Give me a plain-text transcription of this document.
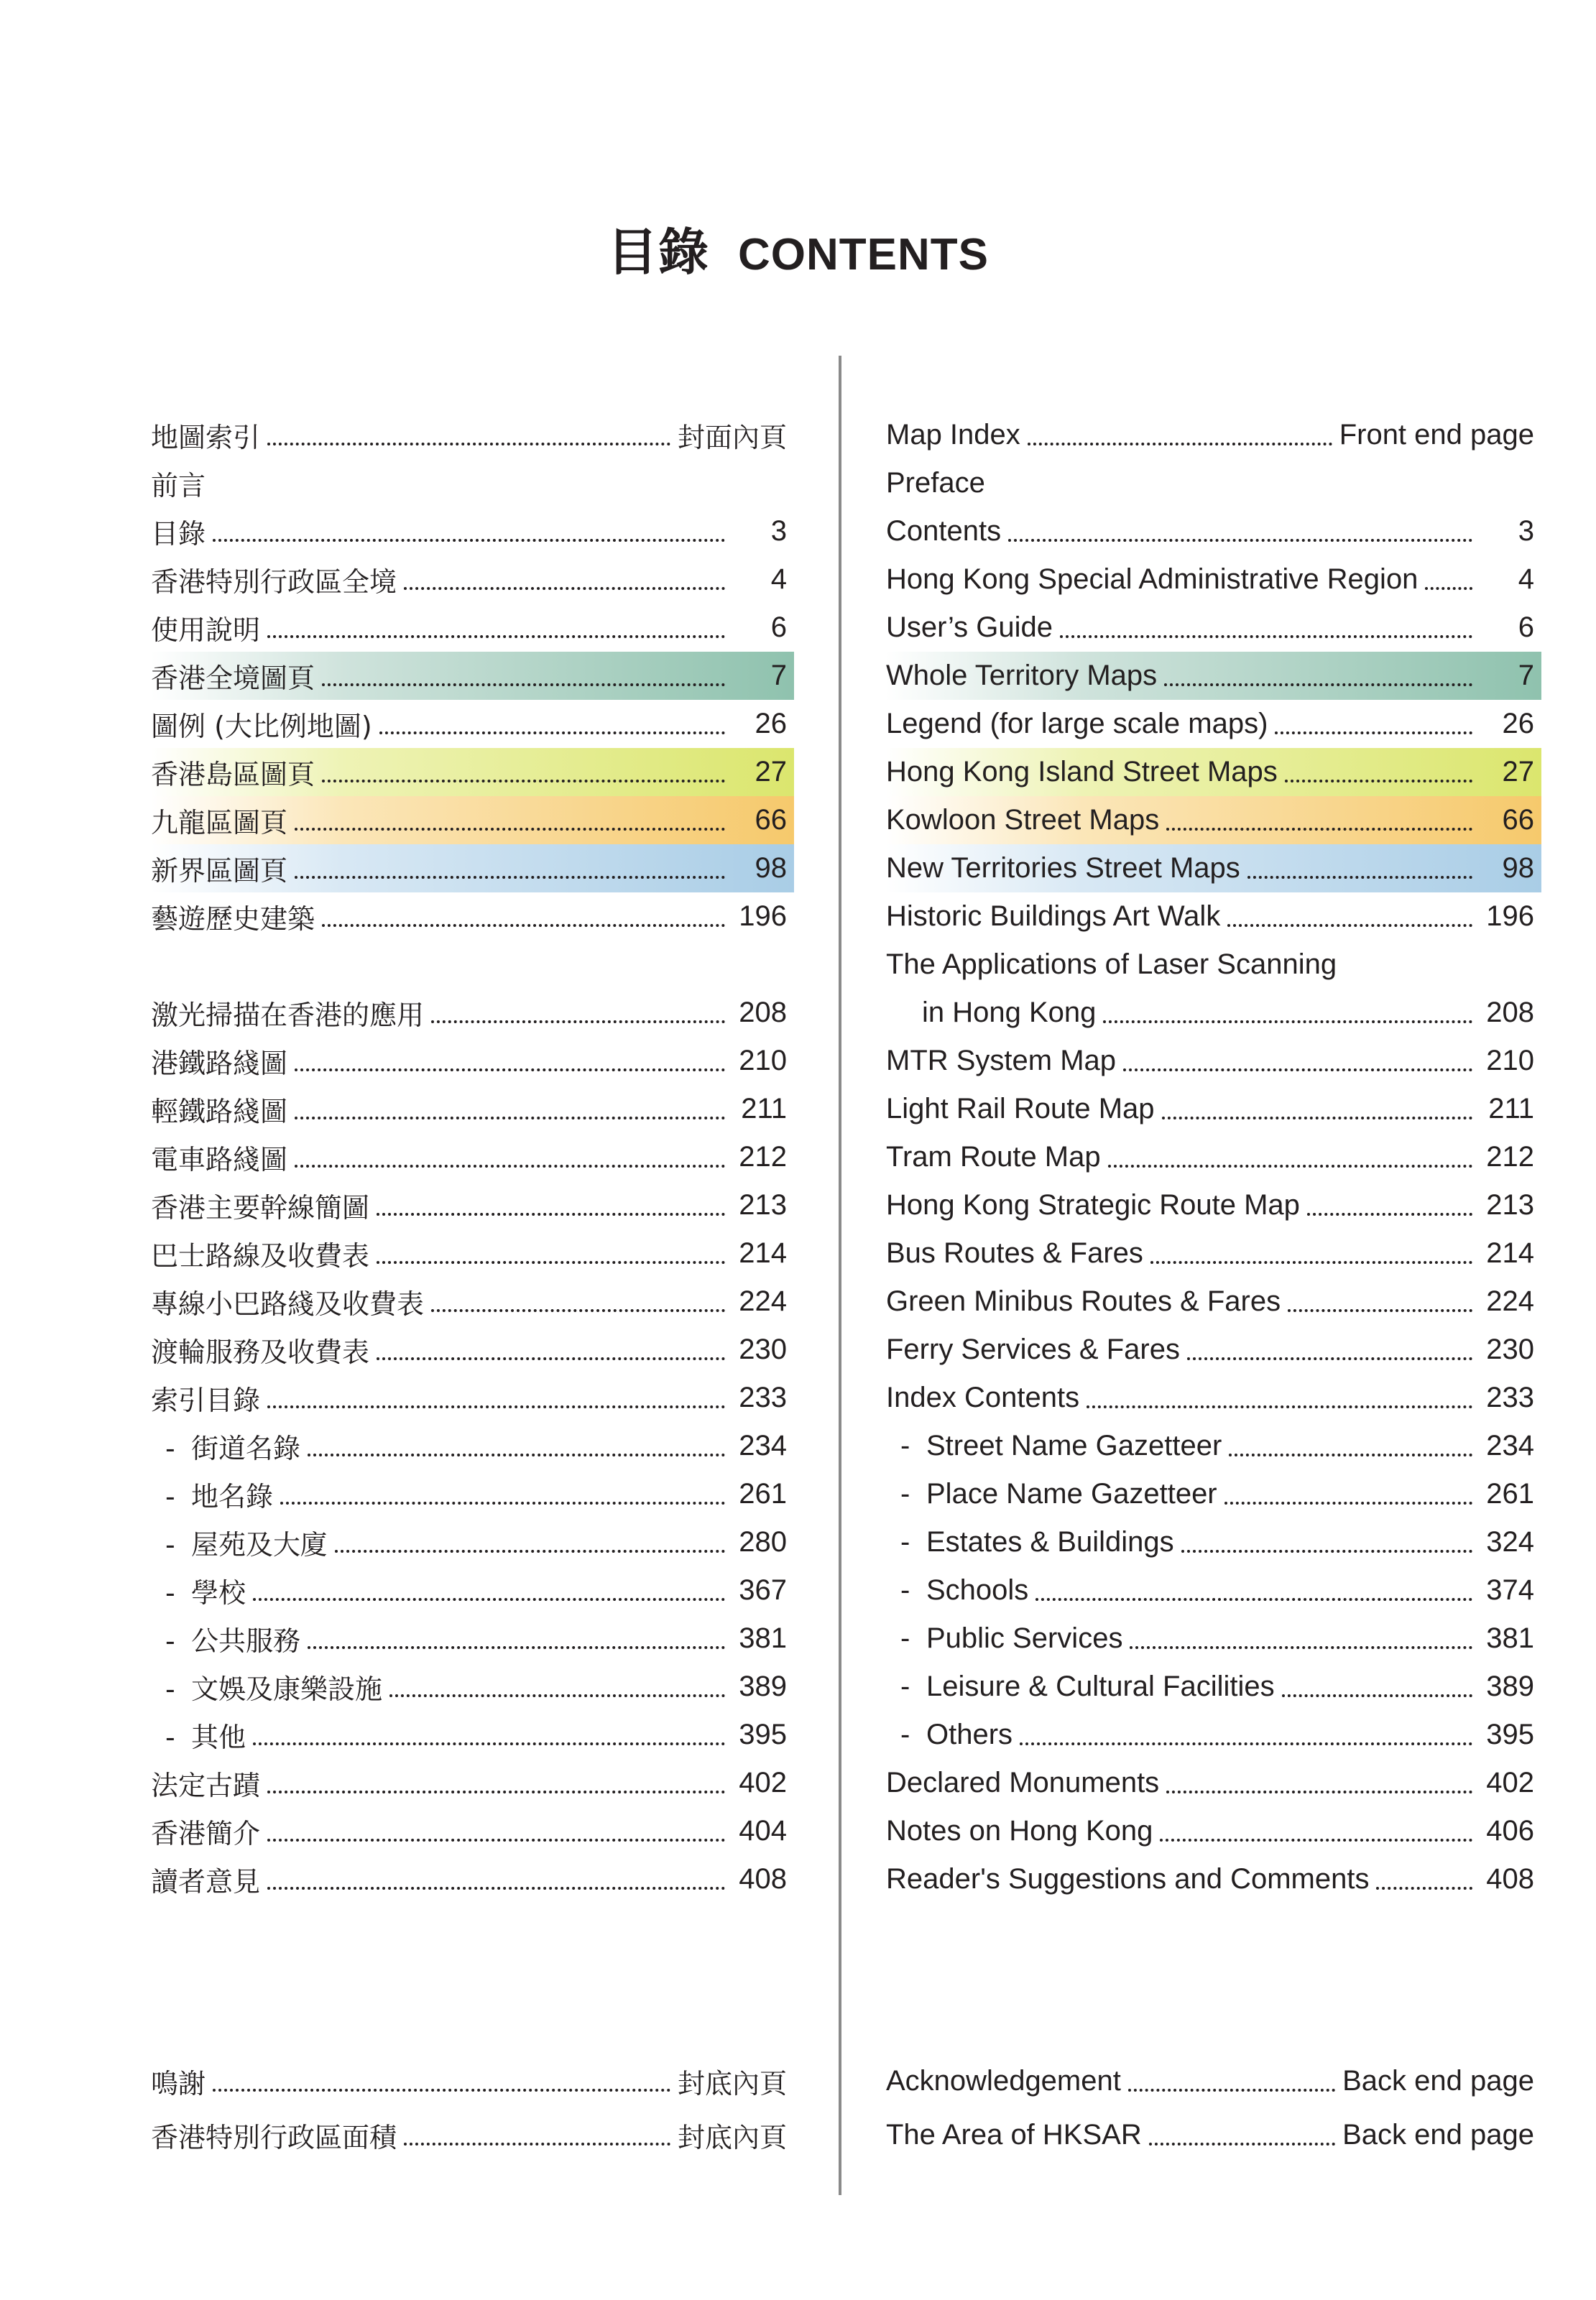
目錄 CONTENTS
地圖索引	封面內頁
前言
目錄	3
香港特別行政區全境	4
使用說明	6
香港全境圖頁	7
圖例 (大比例地圖)	26
香港島區圖頁	27
九龍區圖頁	66
新界區圖頁	98
藝遊歷史建築	196
激光掃描在香港的應用	208
港鐵路綫圖	210
輕鐵路綫圖	211
電車路綫圖	212
香港主要幹線簡圖	213
巴士路線及收費表	214
專線小巴路綫及收費表	224
渡輪服務及收費表	230
索引目錄	233
- 街道名錄	234
- 地名錄	261
- 屋苑及大廈	280
- 學校	367
- 公共服務	381
- 文娛及康樂設施	389
- 其他	395
法定古蹟	402
香港簡介	404
讀者意見	408
Map Index	Front end page
Preface
Contents	3
Hong Kong Special Administrative Region	4
User’s Guide	6
Whole Territory Maps	7
Legend (for large scale maps)	26
Hong Kong Island Street Maps	27
Kowloon Street Maps	66
New Territories Street Maps	98
Historic Buildings Art Walk	196
The Applications of Laser Scanning
in Hong Kong	208
MTR System Map	210
Light Rail Route Map	211
Tram Route Map	212
Hong Kong Strategic Route Map	213
Bus Routes & Fares	214
Green Minibus Routes & Fares	224
Ferry Services & Fares	230
Index Contents	233
- Street Name Gazetteer	234
- Place Name Gazetteer	261
- Estates & Buildings	324
- Schools	374
- Public Services	381
- Leisure & Cultural Facilities	389
- Others	395
Declared Monuments	402
Notes on Hong Kong	406
Reader's Suggestions and Comments	408
鳴謝	封底內頁
香港特別行政區面積	封底內頁
Acknowledgement	Back end page
The Area of HKSAR	Back end page
